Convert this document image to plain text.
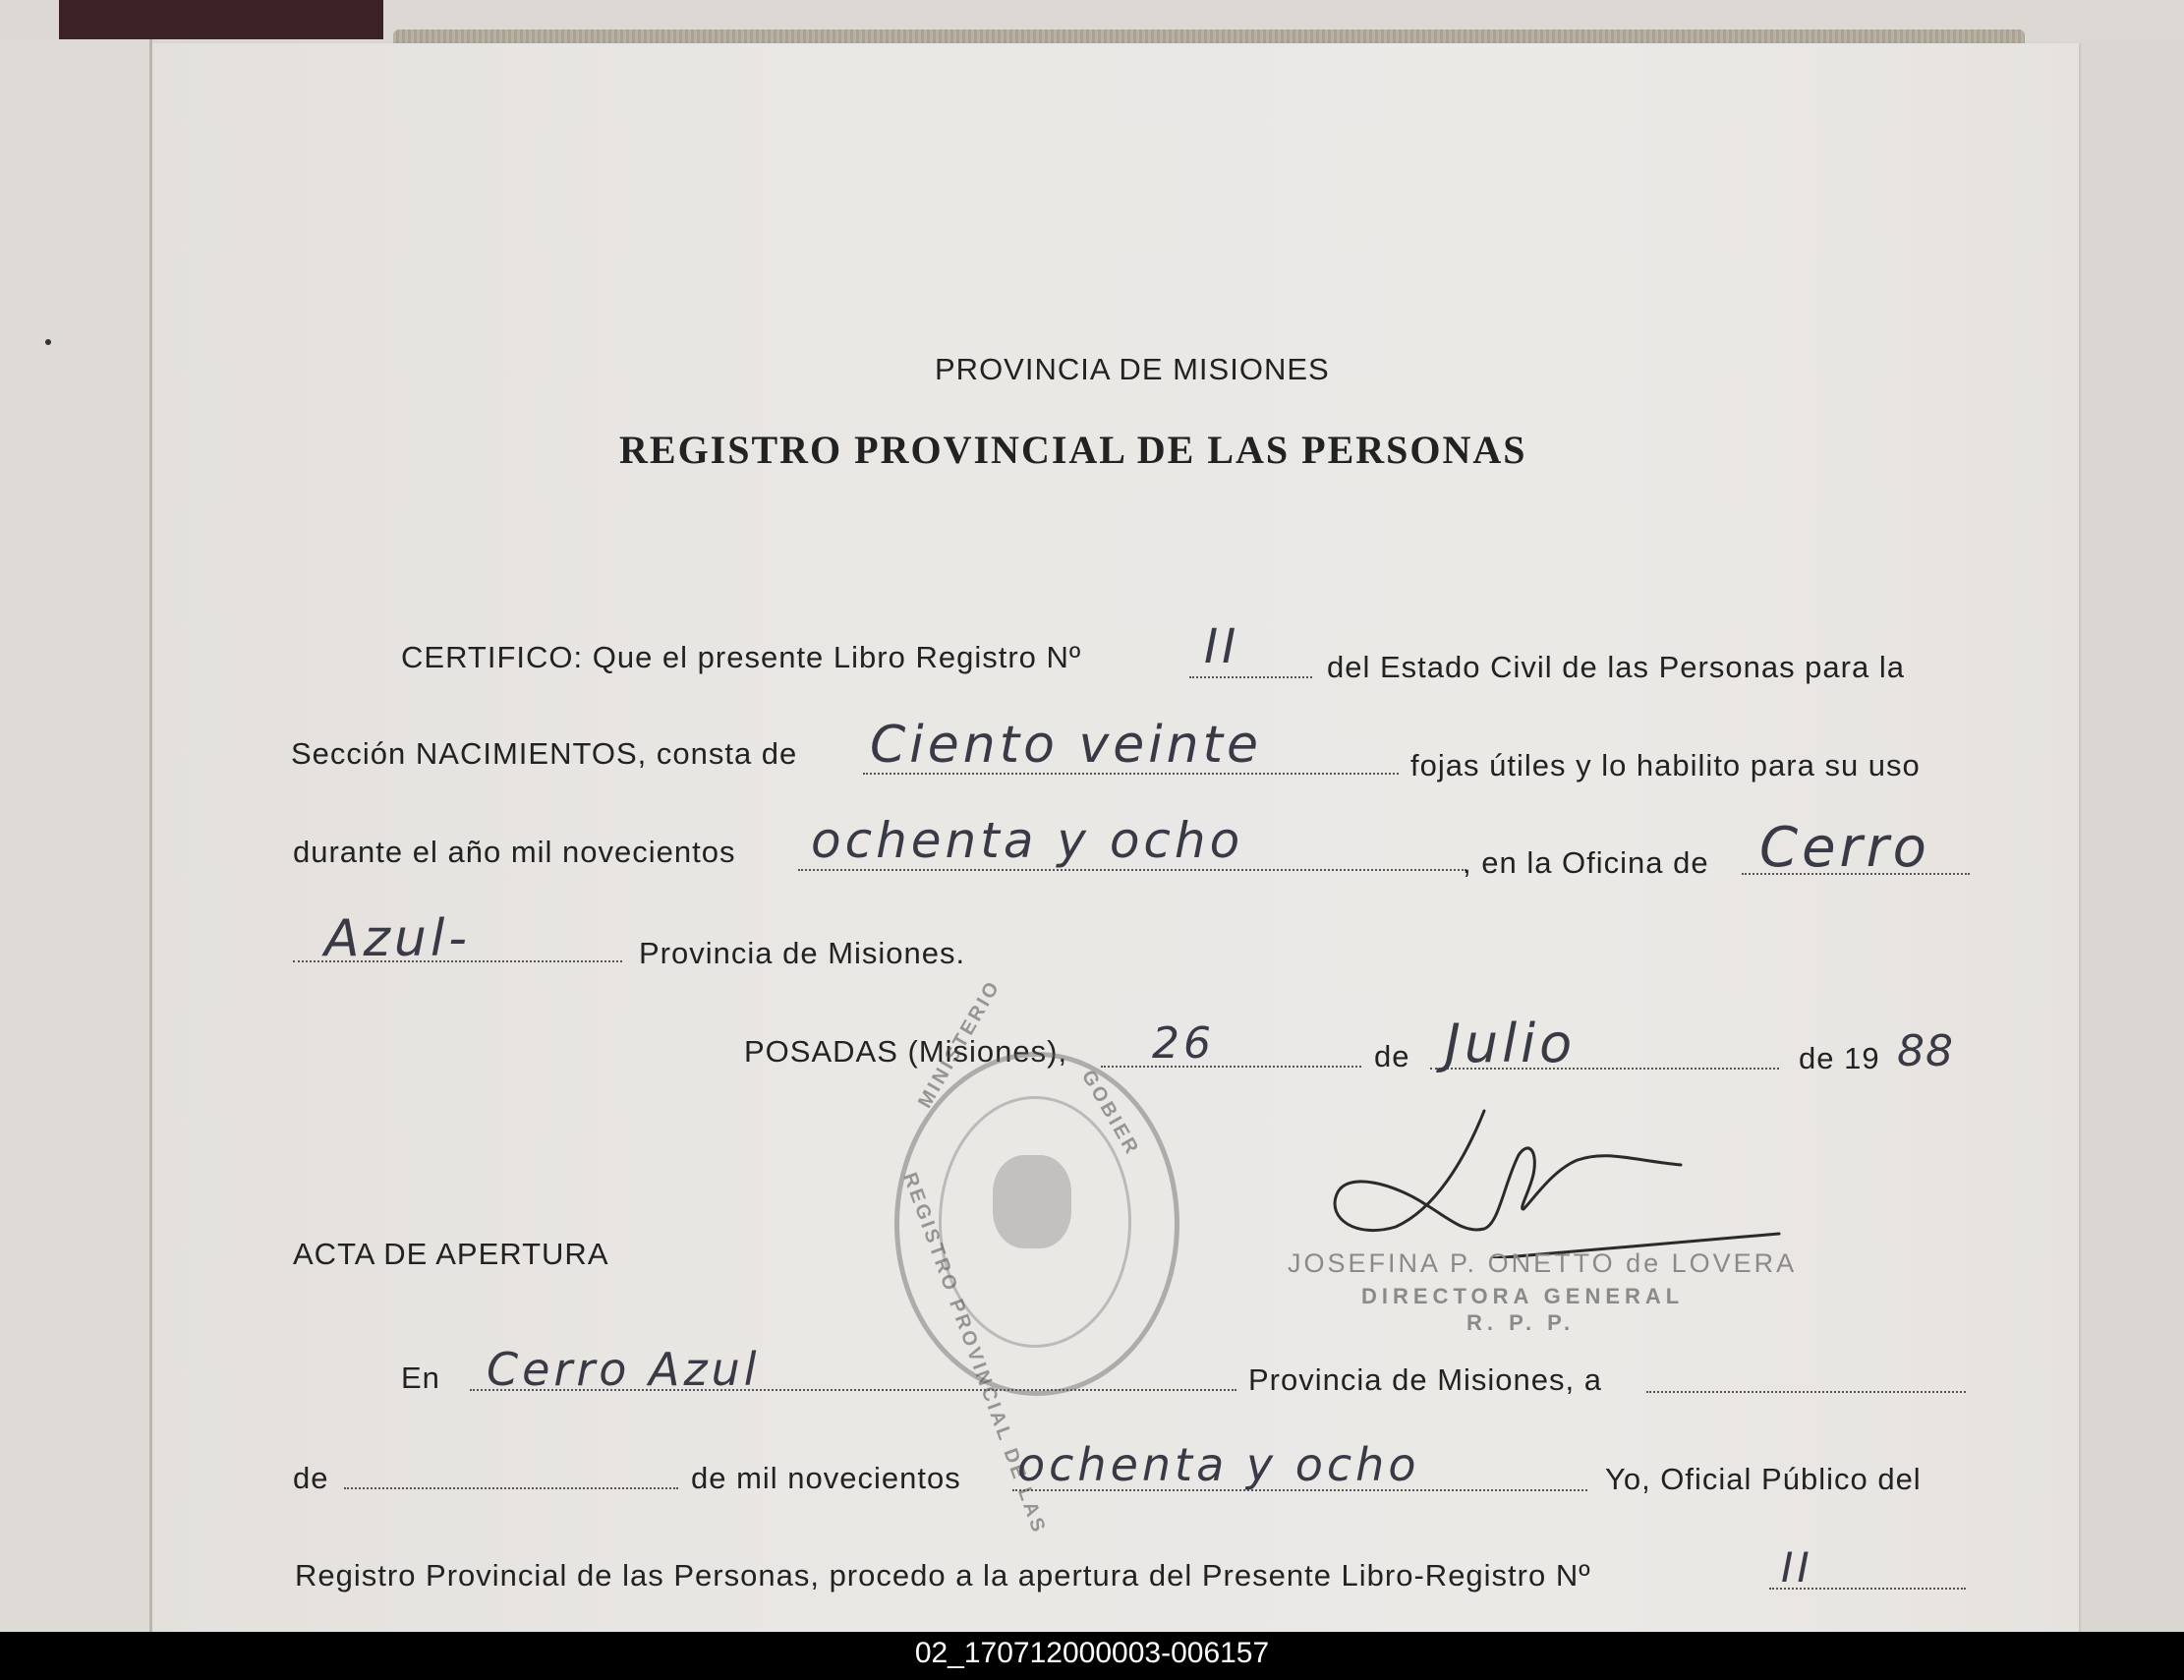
PROVINCIA DE MISIONES
REGISTRO PROVINCIAL DE LAS PERSONAS
CERTIFICO: Que el presente Libro Registro Nº	II	del Estado Civil de las Personas para la
Sección NACIMIENTOS, consta de Ciento veinte	fojas útiles y lo habilito para su uso
durante el año mil novecientos ochenta y ocho	, en la Oficina de Cerro
Azul-	Provincia de Misiones.
POSADAS (Misiones), 26	de Julio	de 19 88
MINISTERIO
REGISTRO PROVINCIAL DE LAS
GOBIER
JOSEFINA P. ONETTO de LOVERA
DIRECTORA GENERAL
R. P. P.
ACTA DE APERTURA
En Cerro Azul	Provincia de Misiones, a
de	de mil novecientos ochenta y ocho	Yo, Oficial Público del
Registro Provincial de las Personas, procedo a la apertura del Presente Libro-Registro Nº	II
02_170712000003-006157
